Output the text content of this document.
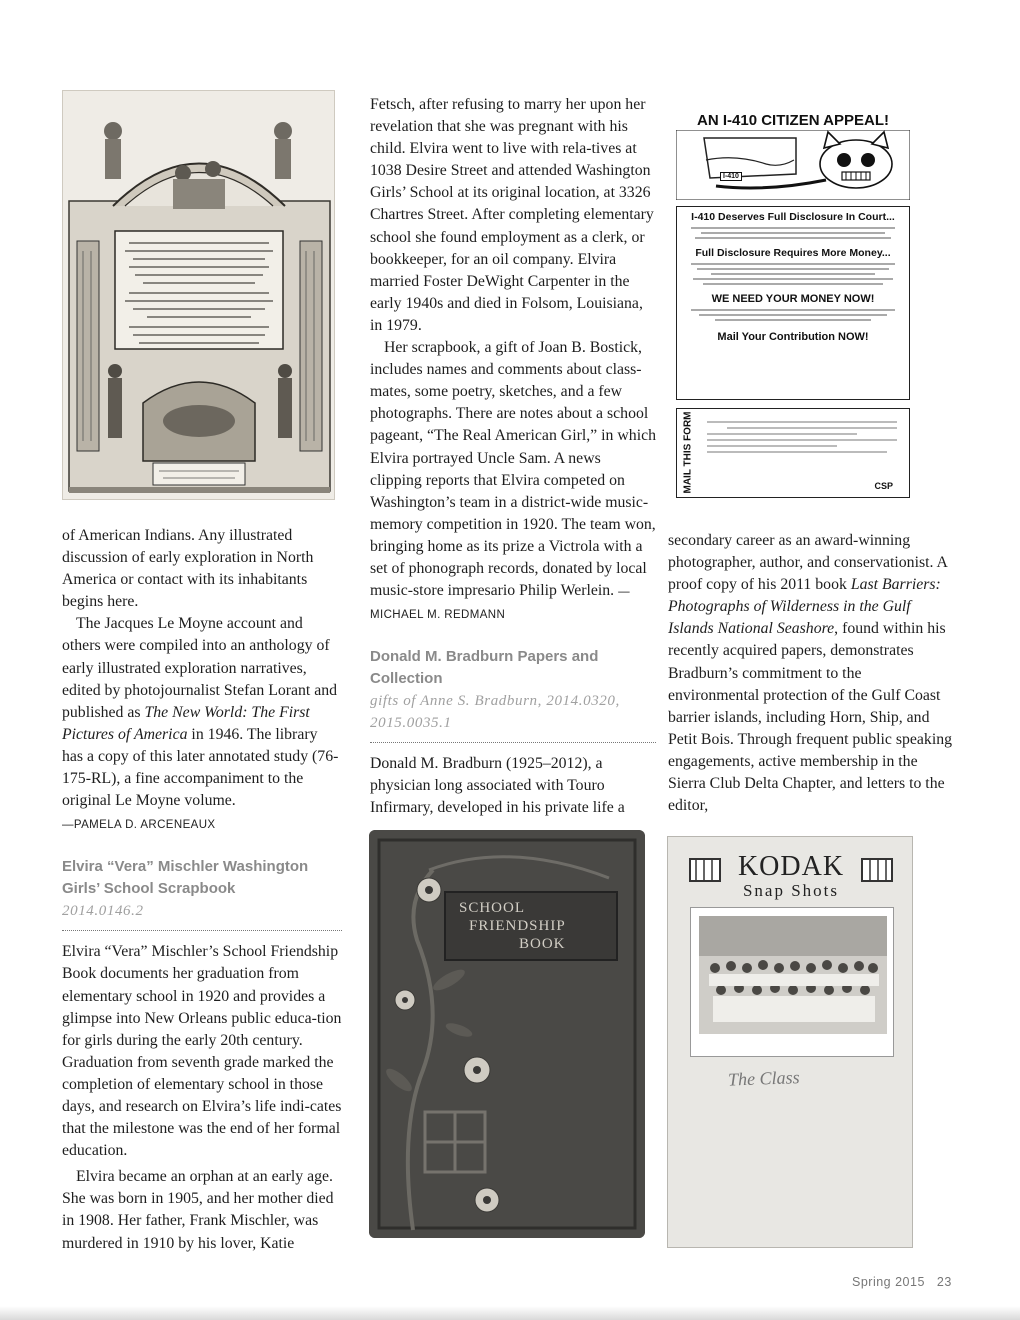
Fetsch, after refusing to marry her upon her revelation that she was pregnant with his child. Elvira went to live with rela-tives at 1038 Desire Street and attended Washington Girls’ School at its original location, at 3326 Chartres Street. After completing elementary school she found employment as a clerk, or bookkeeper, for an oil company. Elvira married Foster DeWight Carpenter in the early 1940s and died in Folsom, Louisiana, in 1979.

Her scrapbook, a gift of Joan B. Bostick, includes names and comments about class-mates, some poetry, sketches, and a few photographs. There are notes about a school pageant, “The Real American Girl,” in which Elvira portrayed Uncle Sam. A news clipping reports that Elvira competed on Washington’s team in a district-wide music-memory competition in 1920. The team won, bringing home as its prize a Victrola with a set of phonograph records, donated by local music-store impresario Philip Werlein. —MICHAEL M. REDMANN

Donald M. Bradburn Papers and Collection
gifts of Anne S. Bradburn, 2014.0320, 2015.0035.1

Donald M. Bradburn (1925–2012), a physician long associated with Touro Infirmary, developed in his private life a

AN I-410 CITIZEN APPEAL!
I-410
I-410 Deserves Full Disclosure In Court...
Full Disclosure Requires More Money...
WE NEED YOUR MONEY NOW!
Mail Your Contribution NOW!
MAIL THIS FORM	CSP

of American Indians. Any illustrated discussion of early exploration in North America or contact with its inhabitants begins here.

The Jacques Le Moyne account and others were compiled into an anthology of early illustrated exploration narratives, edited by photojournalist Stefan Lorant and published as The New World: The First Pictures of America in 1946. The library has a copy of this later annotated study (76-175-RL), a fine accompaniment to the original Le Moyne volume.

—PAMELA D. ARCENEAUX
Elvira “Vera” Mischler Washington Girls’ School Scrapbook
2014.0146.2

Elvira “Vera” Mischler’s School Friendship Book documents her graduation from elementary school in 1920 and provides a glimpse into New Orleans public educa-tion for girls during the early 20th century. Graduation from seventh grade marked the completion of elementary school in those days, and research on Elvira’s life indi-cates that the milestone was the end of her formal education.

Elvira became an orphan at an early age. She was born in 1905, and her mother died in 1908. Her father, Frank Mischler, was murdered in 1910 by his lover, Katie

secondary career as an award-winning photographer, author, and conservationist. A proof copy of his 2011 book Last Barriers: Photographs of Wilderness in the Gulf Islands National Seashore, found within his recently acquired papers, demonstrates Bradburn’s commitment to the environmental protection of the Gulf Coast barrier islands, including Horn, Ship, and Petit Bois. Through frequent public speaking engagements, active membership in the Sierra Club Delta Chapter, and letters to the editor,

SCHOOL
FRIENDSHIP
BOOK
KODAK
Snap Shots
The Class
Spring 2015 23
